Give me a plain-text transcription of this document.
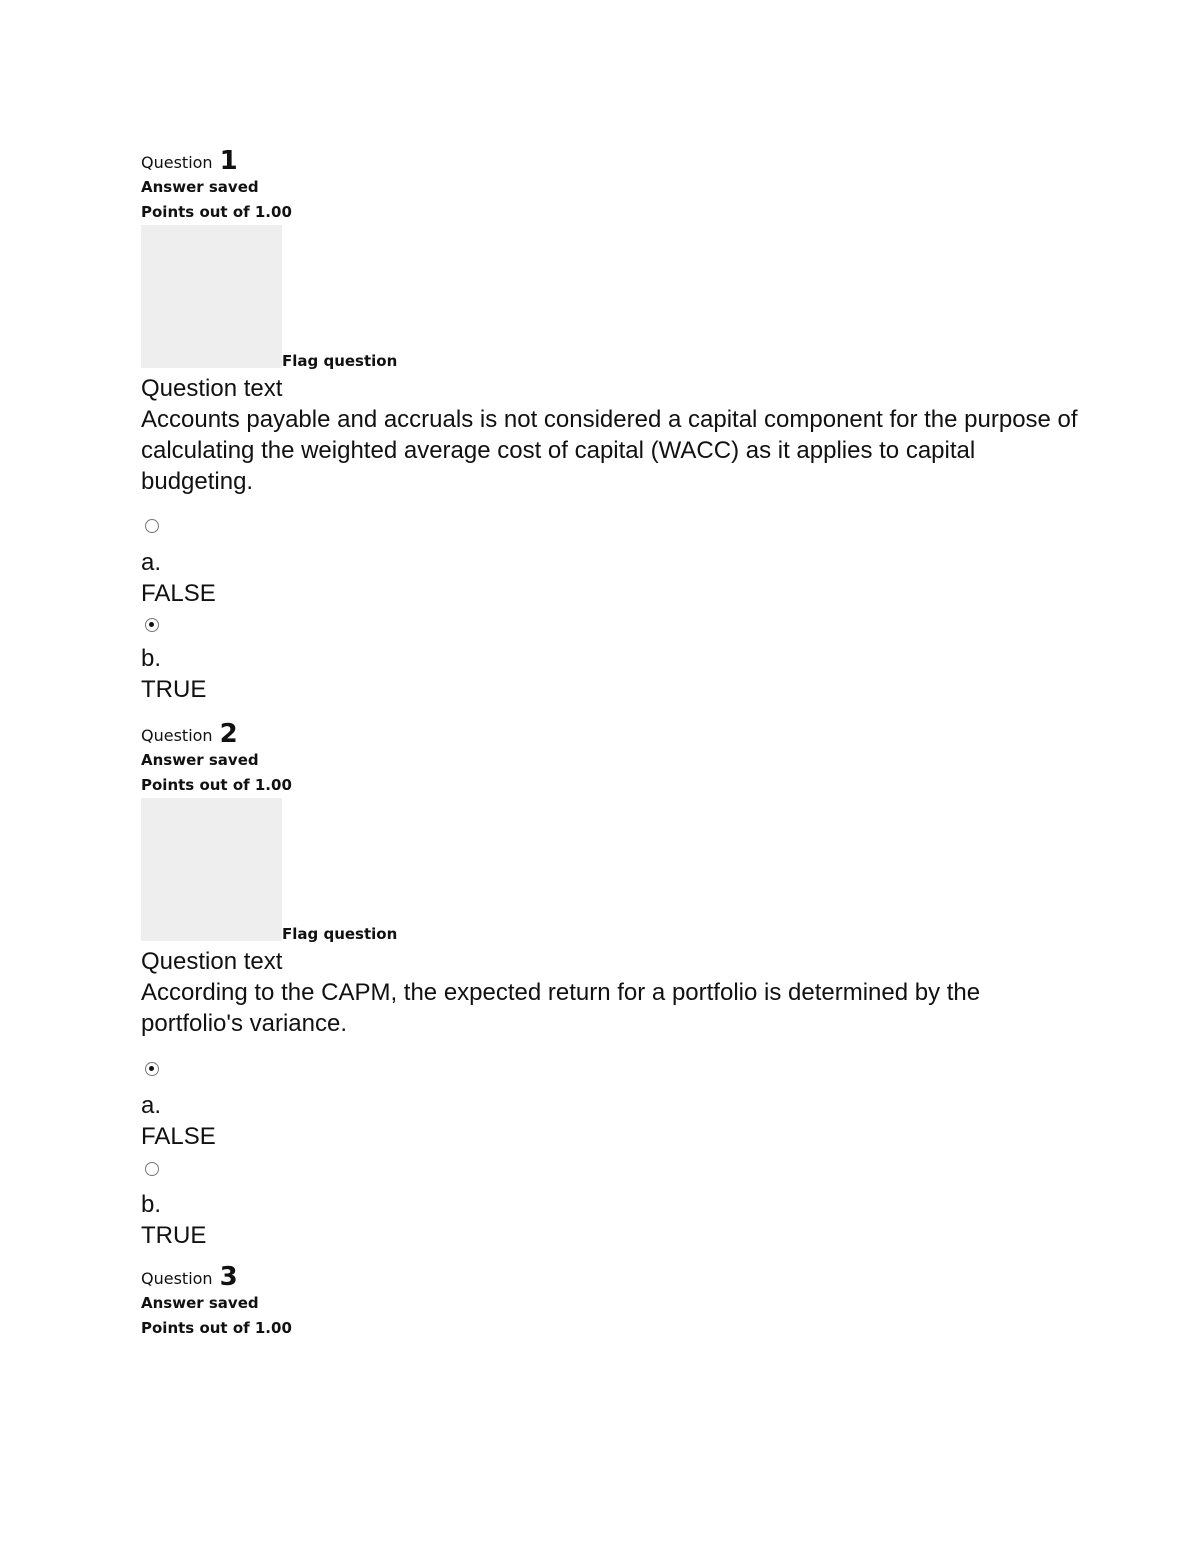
Question 1
Answer saved
Points out of 1.00
Flag question
Question text
Accounts payable and accruals is not considered a capital component for the purpose of calculating the weighted average cost of capital (WACC) as it applies to capital budgeting.
a.
FALSE
b.
TRUE
Question 2
Answer saved
Points out of 1.00
Flag question
Question text
According to the CAPM, the expected return for a portfolio is determined by the portfolio's variance.
a.
FALSE
b.
TRUE
Question 3
Answer saved
Points out of 1.00
